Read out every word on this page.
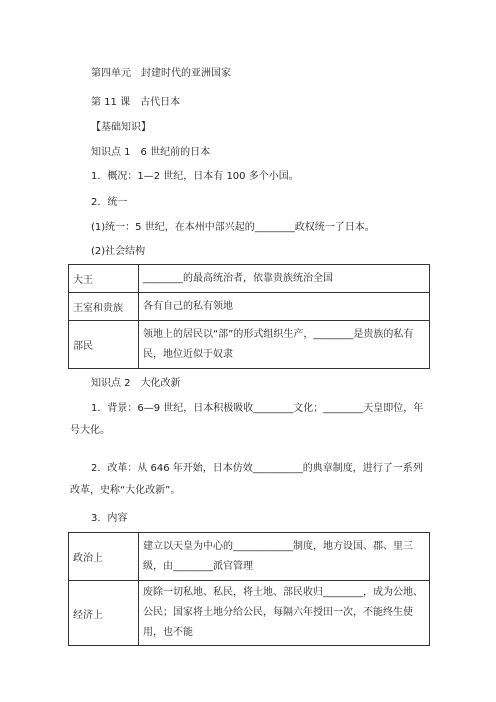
第四单元　封建时代的亚洲国家
第 11 课　古代日本
【基础知识】
知识点 1　6 世纪前的日本
1．概况：1—2 世纪，日本有 100 多个小国。
2．统一
(1)统一：5 世纪，在本州中部兴起的________政权统一了日本。
(2)社会结构
大王	________的最高统治者，依靠贵族统治全国
王室和贵族	各有自己的私有领地
部民	领地上的居民以“部”的形式组织生产，________是贵族的私有民，地位近似于奴隶
知识点 2　大化改新
1．背景：6—9 世纪，日本积极吸收________文化；________天皇即位，年号大化。
2．改革：从 646 年开始，日本仿效__________的典章制度，进行了一系列改革，史称“大化改新”。
3．内容
政治上	建立以天皇为中心的____________制度，地方设国、郡、里三级，由________派官管理
经济上	废除一切私地、私民，将土地、部民收归________，成为公地、公民；国家将土地分给公民，每隔六年授田一次，不能终生使用，也不能
